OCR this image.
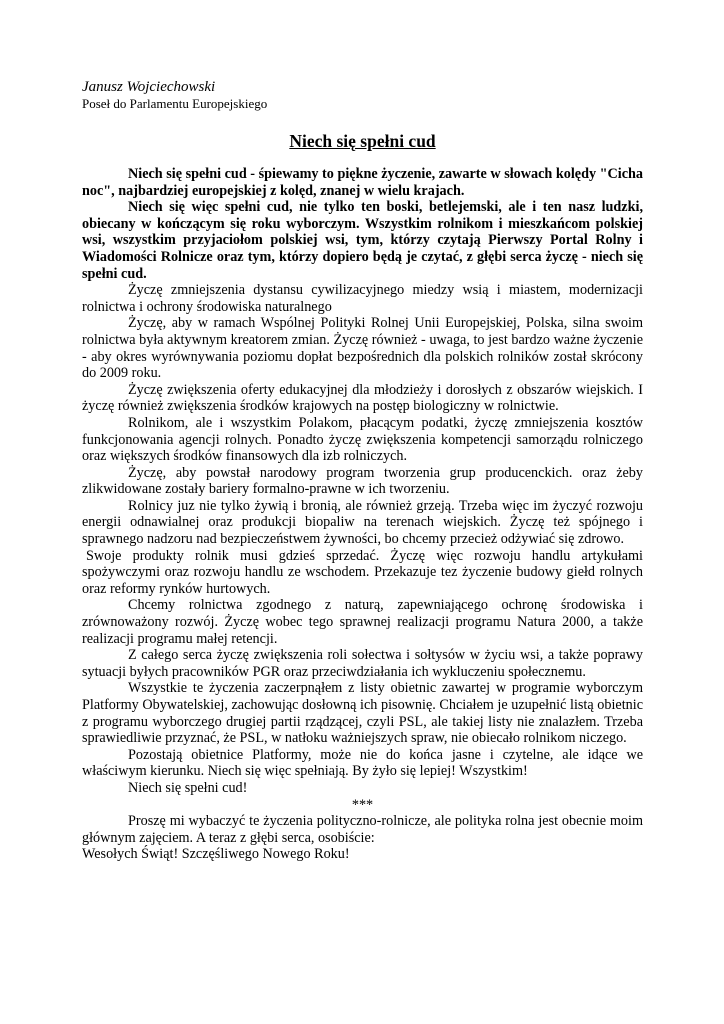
Janusz Wojciechowski

Poseł do Parlamentu Europejskiego

Niech się spełni cud

Niech się spełni cud - śpiewamy to piękne życzenie, zawarte w słowach kolędy "Cicha noc", najbardziej europejskiej z kolęd, znanej w wielu krajach.

Niech się więc spełni cud, nie tylko ten boski, betlejemski, ale i ten nasz ludzki, obiecany w kończącym się roku wyborczym. Wszystkim rolnikom i mieszkańcom polskiej wsi, wszystkim przyjaciołom polskiej wsi, tym, którzy czytają Pierwszy Portal Rolny i Wiadomości Rolnicze oraz tym, którzy dopiero będą je czytać, z głębi serca życzę - niech się spełni cud.

Życzę zmniejszenia dystansu cywilizacyjnego miedzy wsią i miastem, modernizacji rolnictwa i ochrony środowiska naturalnego

Życzę, aby w ramach Wspólnej Polityki Rolnej Unii Europejskiej, Polska, silna swoim rolnictwa była aktywnym kreatorem zmian. Życzę również - uwaga, to jest bardzo ważne życzenie - aby okres wyrównywania poziomu dopłat bezpośrednich dla polskich rolników został skrócony do 2009 roku.

Życzę zwiększenia oferty edukacyjnej dla młodzieży i dorosłych z obszarów wiejskich. I życzę również zwiększenia środków krajowych na postęp biologiczny w rolnictwie.

Rolnikom, ale i wszystkim Polakom, płacącym podatki, życzę zmniejszenia kosztów funkcjonowania agencji rolnych. Ponadto życzę zwiększenia kompetencji samorządu rolniczego oraz większych środków finansowych dla izb rolniczych.

Życzę, aby powstał narodowy program tworzenia grup producenckich. oraz żeby zlikwidowane zostały bariery formalno-prawne w ich tworzeniu.

Rolnicy juz nie tylko żywią i bronią, ale również grzeją. Trzeba więc im życzyć rozwoju energii odnawialnej oraz produkcji biopaliw na terenach wiejskich. Życzę też spójnego i sprawnego nadzoru nad bezpieczeństwem żywności, bo chcemy przecież odżywiać się zdrowo.

Swoje produkty rolnik musi gdzieś sprzedać. Życzę więc rozwoju handlu artykułami spożywczymi oraz rozwoju handlu ze wschodem. Przekazuje tez życzenie budowy giełd rolnych oraz reformy rynków hurtowych.

Chcemy rolnictwa zgodnego z naturą, zapewniającego ochronę środowiska i zrównoważony rozwój. Życzę wobec tego sprawnej realizacji programu Natura 2000, a także realizacji programu małej retencji.

Z całego serca życzę zwiększenia roli sołectwa i sołtysów w życiu wsi, a także poprawy sytuacji byłych pracowników PGR oraz przeciwdziałania ich wykluczeniu społecznemu.

Wszystkie te życzenia zaczerpnąłem z listy obietnic zawartej w programie wyborczym Platformy Obywatelskiej, zachowując dosłowną ich pisownię. Chciałem je uzupełnić listą obietnic z programu wyborczego drugiej partii rządzącej, czyli PSL, ale takiej listy nie znalazłem. Trzeba sprawiedliwie przyznać, że PSL, w natłoku ważniejszych spraw, nie obiecało rolnikom niczego.

Pozostają obietnice Platformy, może nie do końca jasne i czytelne, ale idące we właściwym kierunku. Niech się więc spełniają. By żyło się lepiej! Wszystkim!

Niech się spełni cud!

***

Proszę mi wybaczyć te życzenia polityczno-rolnicze, ale polityka rolna jest obecnie moim głównym zajęciem. A teraz z głębi serca, osobiście:

Wesołych Świąt! Szczęśliwego Nowego Roku!
